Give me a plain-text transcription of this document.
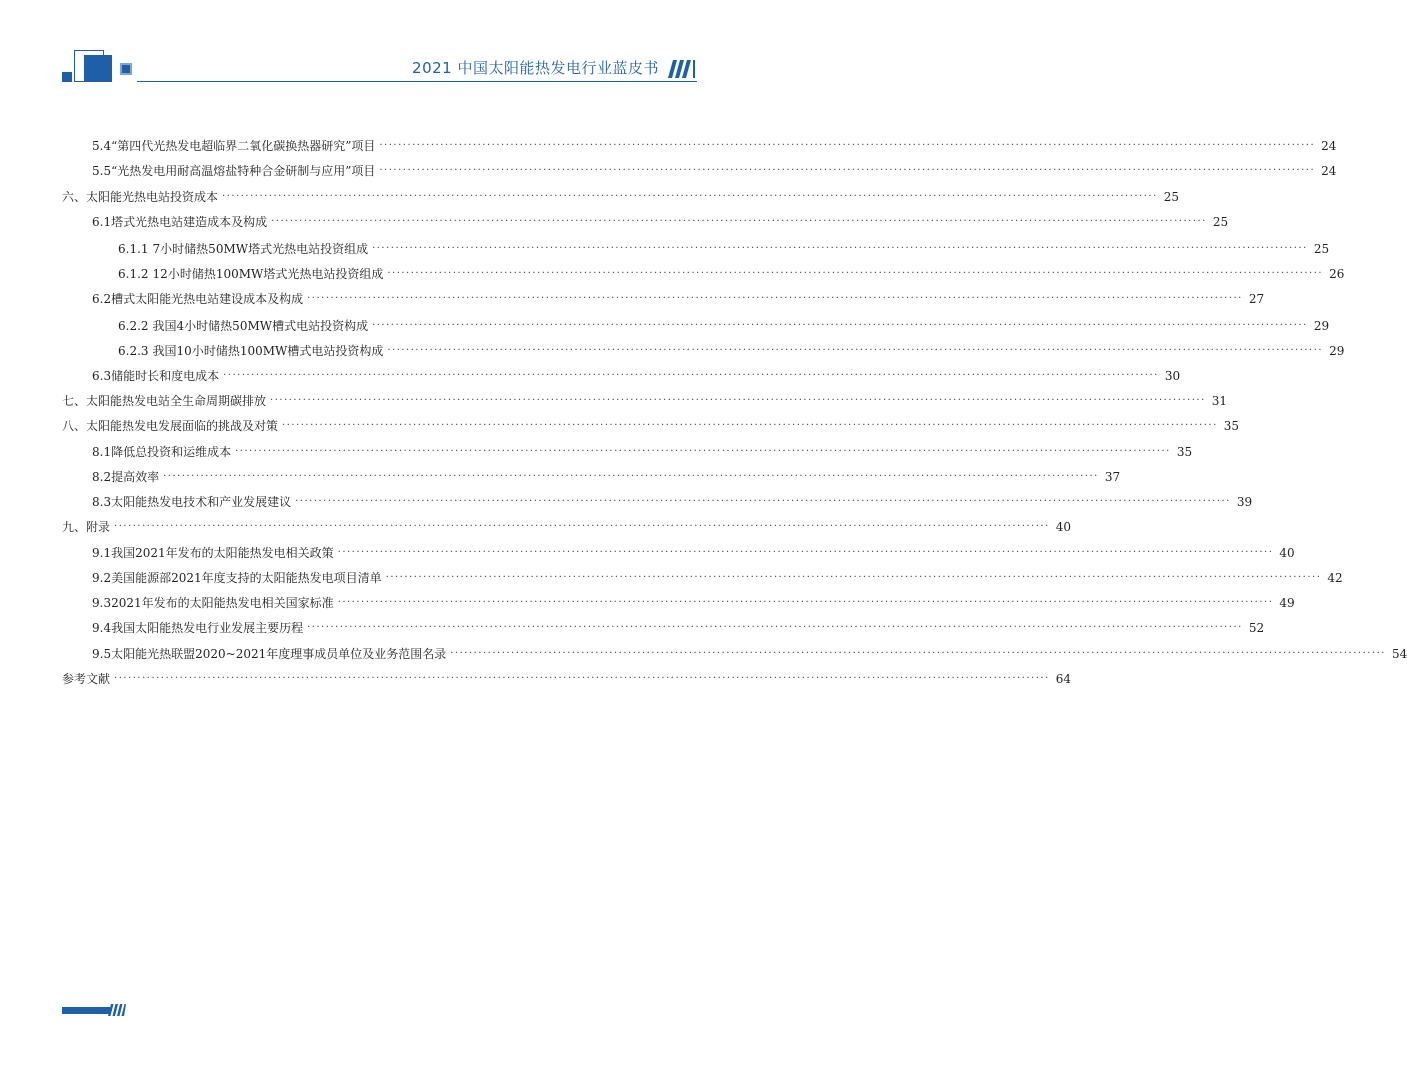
2021 中国太阳能热发电行业蓝皮书
5.4 “第四代光热发电超临界二氧化碳换热器研究”项目 ········································································································································································································ 24
5.5 “光热发电用耐高温熔盐特种合金研制与应用”项目 ········································································································································································································ 24
六、 太阳能光热电站投资成本 ········································································································································································································ 25
6.1 塔式光热电站建造成本及构成 ········································································································································································································ 25
6.1.1 7小时储热50MW塔式光热电站投资组成 ········································································································································································································ 25
6.1.2 12小时储热100MW塔式光热电站投资组成 ········································································································································································································ 26
6.2 槽式太阳能光热电站建设成本及构成 ········································································································································································································ 27
6.2.2 我国4小时储热50MW槽式电站投资构成 ········································································································································································································ 29
6.2.3 我国10小时储热100MW槽式电站投资构成 ········································································································································································································ 29
6.3 储能时长和度电成本 ········································································································································································································ 30
七、 太阳能热发电站全生命周期碳排放 ········································································································································································································ 31
八、 太阳能热发电发展面临的挑战及对策 ········································································································································································································ 35
8.1 降低总投资和运维成本 ········································································································································································································ 35
8.2 提高效率 ········································································································································································································ 37
8.3 太阳能热发电技术和产业发展建议 ········································································································································································································ 39
九、 附录 ········································································································································································································ 40
9.1 我国2021年发布的太阳能热发电相关政策 ········································································································································································································ 40
9.2 美国能源部2021年度支持的太阳能热发电项目清单 ········································································································································································································ 42
9.3 2021年发布的太阳能热发电相关国家标准 ········································································································································································································ 49
9.4 我国太阳能热发电行业发展主要历程 ········································································································································································································ 52
9.5 太阳能光热联盟2020~2021年度理事成员单位及业务范围名录 ········································································································································································································ 54
参考文献 ········································································································································································································ 64
